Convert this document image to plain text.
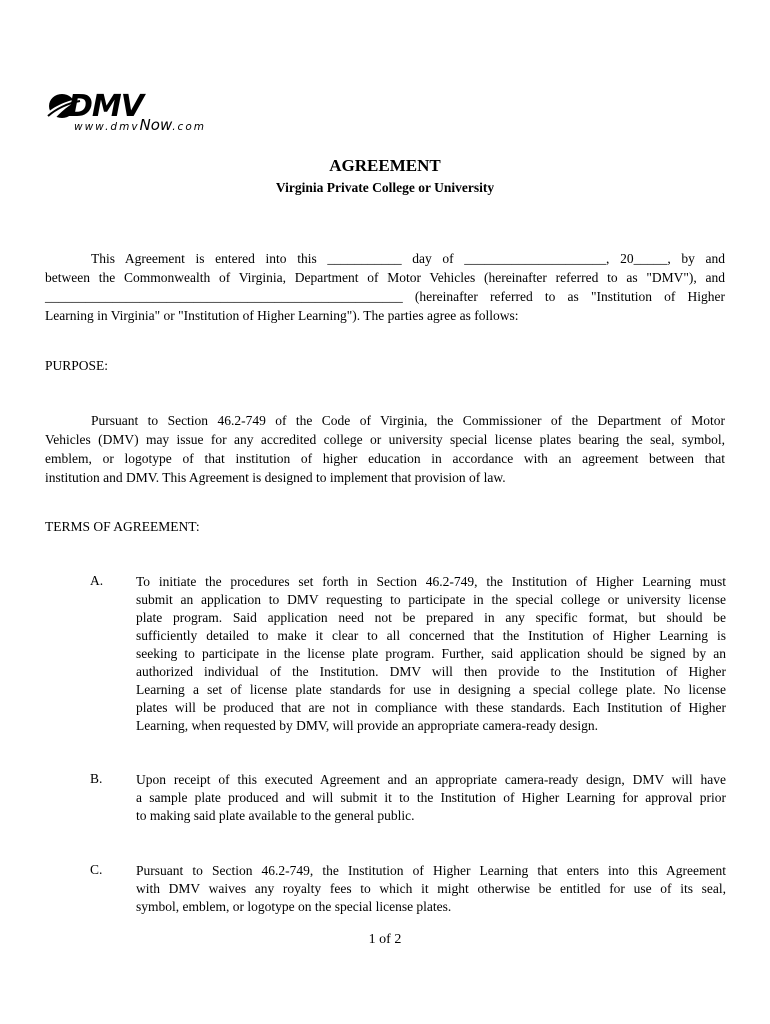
DMV
www.dmvNow.com
AGREEMENT
Virginia Private College or University
This Agreement is entered into this ___________ day of _____________________, 20_____, by and
between the Commonwealth of Virginia, Department of Motor Vehicles (hereinafter referred to as "DMV"), and
_____________________________________________________ (hereinafter referred to as "Institution of Higher
Learning in Virginia" or "Institution of Higher Learning"). The parties agree as follows:
PURPOSE:
Pursuant to Section 46.2-749 of the Code of Virginia, the Commissioner of the Department of Motor
Vehicles (DMV) may issue for any accredited college or university special license plates bearing the seal, symbol,
emblem, or logotype of that institution of higher education in accordance with an agreement between that
institution and DMV. This Agreement is designed to implement that provision of law.
TERMS OF AGREEMENT:
A. To initiate the procedures set forth in Section 46.2-749, the Institution of Higher Learning must
submit an application to DMV requesting to participate in the special college or university license
plate program. Said application need not be prepared in any specific format, but should be
sufficiently detailed to make it clear to all concerned that the Institution of Higher Learning is
seeking to participate in the license plate program. Further, said application should be signed by an
authorized individual of the Institution. DMV will then provide to the Institution of Higher
Learning a set of license plate standards for use in designing a special college plate. No license
plates will be produced that are not in compliance with these standards. Each Institution of Higher
Learning, when requested by DMV, will provide an appropriate camera-ready design.
B. Upon receipt of this executed Agreement and an appropriate camera-ready design, DMV will have
a sample plate produced and will submit it to the Institution of Higher Learning for approval prior
to making said plate available to the general public.
C. Pursuant to Section 46.2-749, the Institution of Higher Learning that enters into this Agreement
with DMV waives any royalty fees to which it might otherwise be entitled for use of its seal,
symbol, emblem, or logotype on the special license plates.
1 of 2
